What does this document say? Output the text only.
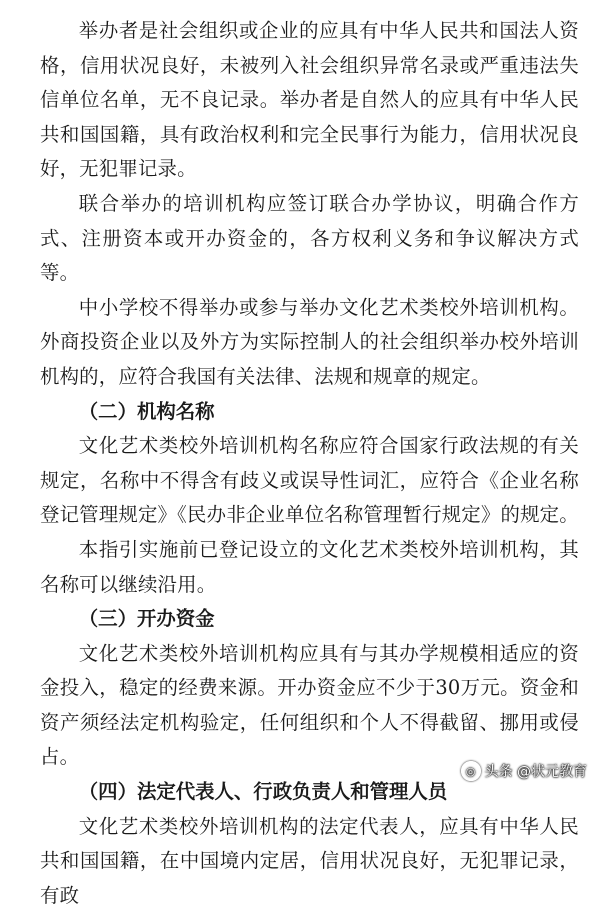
举办者是社会组织或企业的应具有中华人民共和国法人资格，信用状况良好，未被列入社会组织异常名录或严重违法失信单位名单，无不良记录。举办者是自然人的应具有中华人民共和国国籍，具有政治权利和完全民事行为能力，信用状况良好，无犯罪记录。

联合举办的培训机构应签订联合办学协议，明确合作方式、注册资本或开办资金的，各方权利义务和争议解决方式等。

中小学校不得举办或参与举办文化艺术类校外培训机构。外商投资企业以及外方为实际控制人的社会组织举办校外培训机构的，应符合我国有关法律、法规和规章的规定。

（二）机构名称

文化艺术类校外培训机构名称应符合国家行政法规的有关规定，名称中不得含有歧义或误导性词汇，应符合《企业名称登记管理规定》《民办非企业单位名称管理暂行规定》的规定。

本指引实施前已登记设立的文化艺术类校外培训机构，其名称可以继续沿用。

（三）开办资金

文化艺术类校外培训机构应具有与其办学规模相适应的资金投入，稳定的经费来源。开办资金应不少于30万元。资金和资产须经法定机构验定，任何组织和个人不得截留、挪用或侵占。

（四）法定代表人、行政负责人和管理人员

文化艺术类校外培训机构的法定代表人，应具有中华人民共和国国籍，在中国境内定居，信用状况良好，无犯罪记录，有政

◎ 头条 @状元教育
